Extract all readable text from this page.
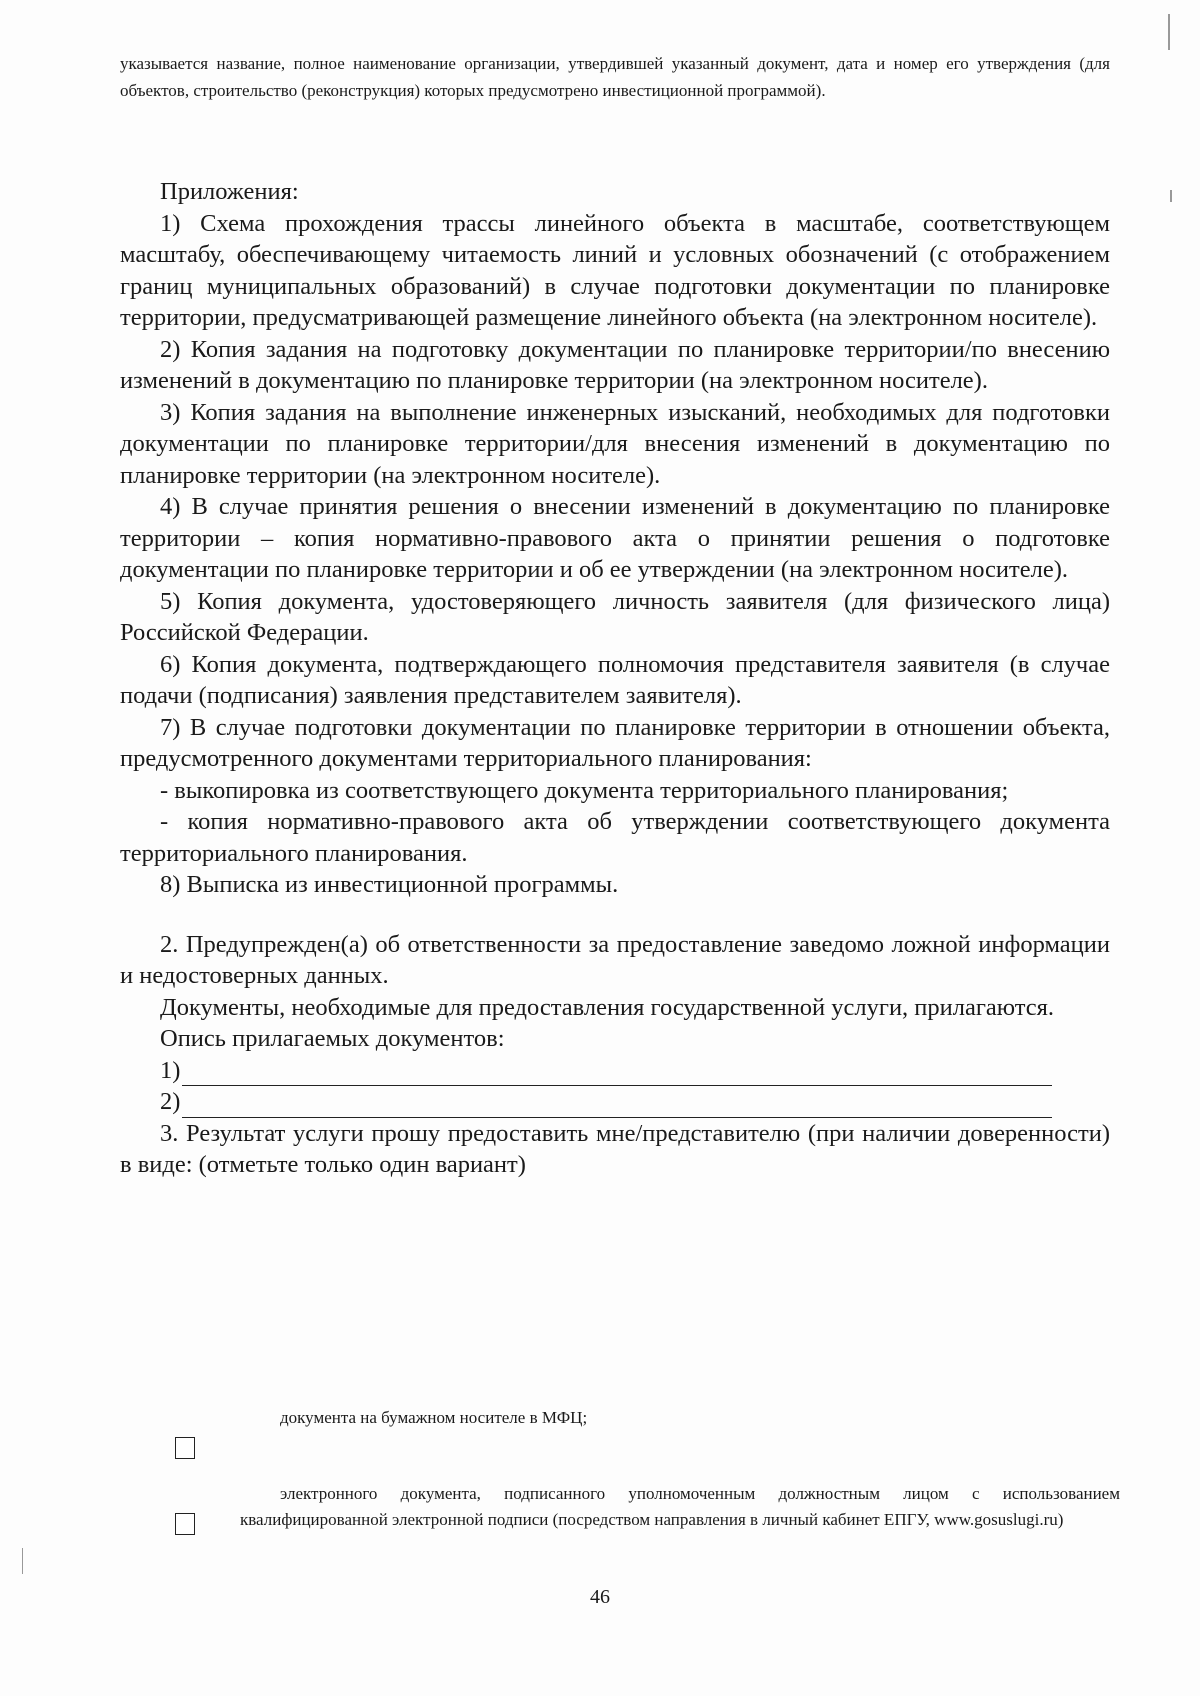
указывается название, полное наименование организации, утвердившей указанный документ, дата и номер его утверждения (для объектов, строительство (реконструкция) которых предусмотрено инвестиционной программой).

Приложения:

1) Схема прохождения трассы линейного объекта в масштабе, соответствующем масштабу, обеспечивающему читаемость линий и условных обозначений (с отображением границ муниципальных образований) в случае подготовки документации по планировке территории, предусматривающей размещение линейного объекта (на электронном носителе).

2) Копия задания на подготовку документации по планировке территории/по внесению изменений в документацию по планировке территории (на электронном носителе).

3) Копия задания на выполнение инженерных изысканий, необходимых для подготовки документации по планировке территории/для внесения изменений в документацию по планировке территории (на электронном носителе).

4) В случае принятия решения о внесении изменений в документацию по планировке территории – копия нормативно-правового акта о принятии решения о подготовке документации по планировке территории и об ее утверждении (на электронном носителе).

5) Копия документа, удостоверяющего личность заявителя (для физического лица) Российской Федерации.

6) Копия документа, подтверждающего полномочия представителя заявителя (в случае подачи (подписания) заявления представителем заявителя).

7) В случае подготовки документации по планировке территории в отношении объекта, предусмотренного документами территориального планирования:

- выкопировка из соответствующего документа территориального планирования;

- копия нормативно-правового акта об утверждении соответствующего документа территориального планирования.

8) Выписка из инвестиционной программы.

2. Предупрежден(а) об ответственности за предоставление заведомо ложной информации и недостоверных данных.

Документы, необходимые для предоставления государственной услуги, прилагаются.

Опись прилагаемых документов:

1)

2)

3. Результат услуги прошу предоставить мне/представителю (при наличии доверенности) в виде: (отметьте только один вариант)

документа на бумажном носителе в МФЦ;
электронного документа, подписанного уполномоченным должностным лицом с использованием квалифицированной электронной подписи (посредством направления в личный кабинет ЕПГУ, www.gosuslugi.ru)
46
